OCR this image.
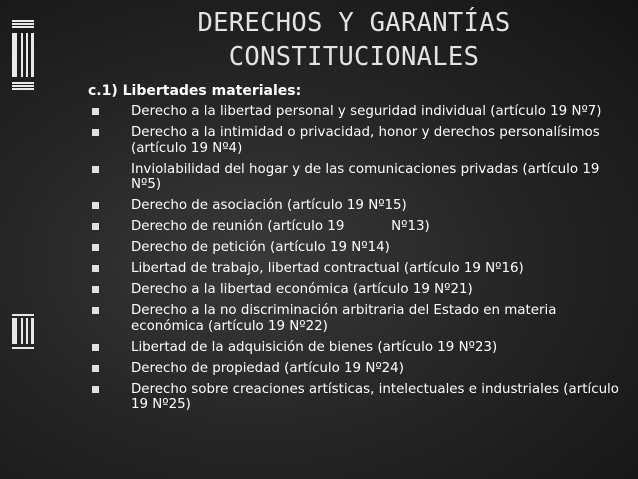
DERECHOS Y GARANTÍAS
CONSTITUCIONALES
c.1) Libertades materiales:
Derecho a la libertad personal y seguridad individual (artículo 19 Nº7)
Derecho a la intimidad o privacidad, honor y derechos personalísimos (artículo 19 Nº4)
Inviolabilidad del hogar y de las comunicaciones privadas (artículo 19 Nº5)
Derecho de asociación (artículo 19 Nº15)
Derecho de reunión (artículo 19           Nº13)
Derecho de petición (artículo 19 Nº14)
Libertad de trabajo, libertad contractual (artículo 19 Nº16)
Derecho a la libertad económica (artículo 19 Nº21)
Derecho a la no discriminación arbitraria del Estado en materia económica (artículo 19 Nº22)
Libertad de la adquisición de bienes (artículo 19 Nº23)
Derecho de propiedad (artículo 19 Nº24)
Derecho sobre creaciones artísticas, intelectuales e industriales (artículo 19 Nº25)
